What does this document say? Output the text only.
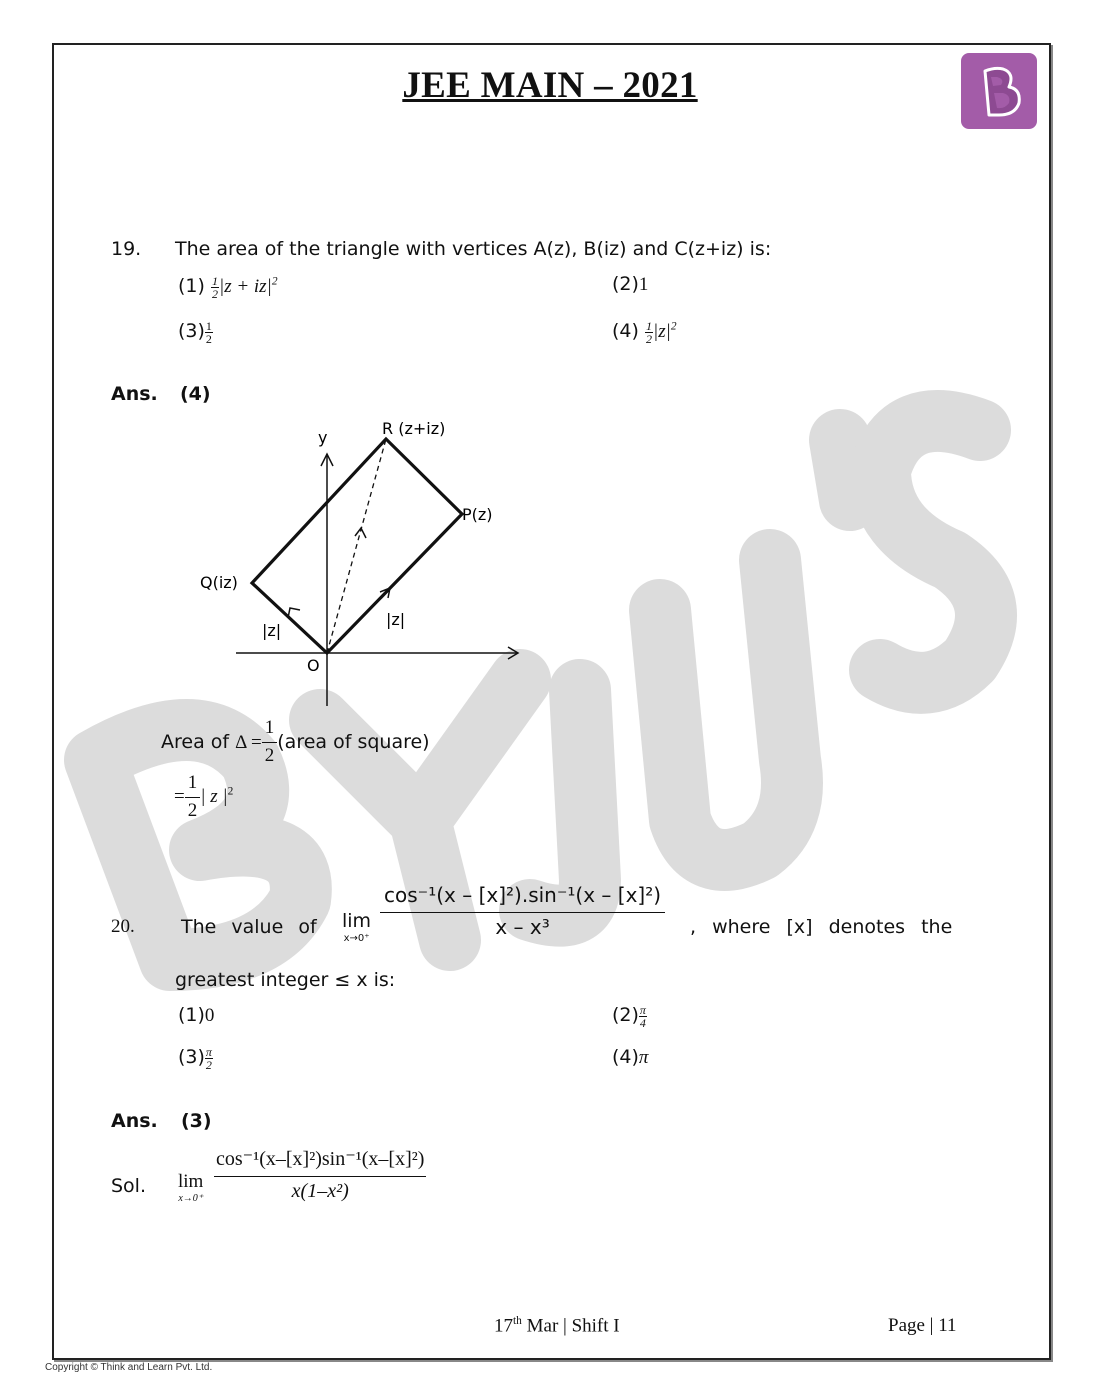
JEE MAIN – 2021
19. The area of the triangle with vertices A(z), B(iz) and C(z+iz) is:
$(1) \frac{1}{2} |z + iz|^2$	(2)1
$(3) \frac{1}{2}$	$(4) \frac{1}{2} |z|^2$
Ans. (4)
y	R (z+iz)
P(z)
Q(iz)
O
|z|
|z|
Area of $\Delta = \frac{1}{2}$ (area of square)
= $\frac{1}{2}$ | z $|^2$
20. The value of lim
x→0⁺
$\frac{\text{cos⁻¹(x – [x]²).sin⁻¹(x – [x]²)}}{\text{x – x³}}$ , where [x] denotes the
greatest integer ≤ x is:
(1)0	$(2) \frac{\pi}{4}$
$(3) \frac{\pi}{2}$	(4)π
Ans. (3)
Sol. lim
$x\to 0^+ \frac{\text{cos⁻¹(x–[x]²)sin⁻¹(x–[x]²)}}{\text{x(1–x²)}}$
17th Mar | Shift I	Page | 11
Copyright © Think and Learn Pvt. Ltd.
